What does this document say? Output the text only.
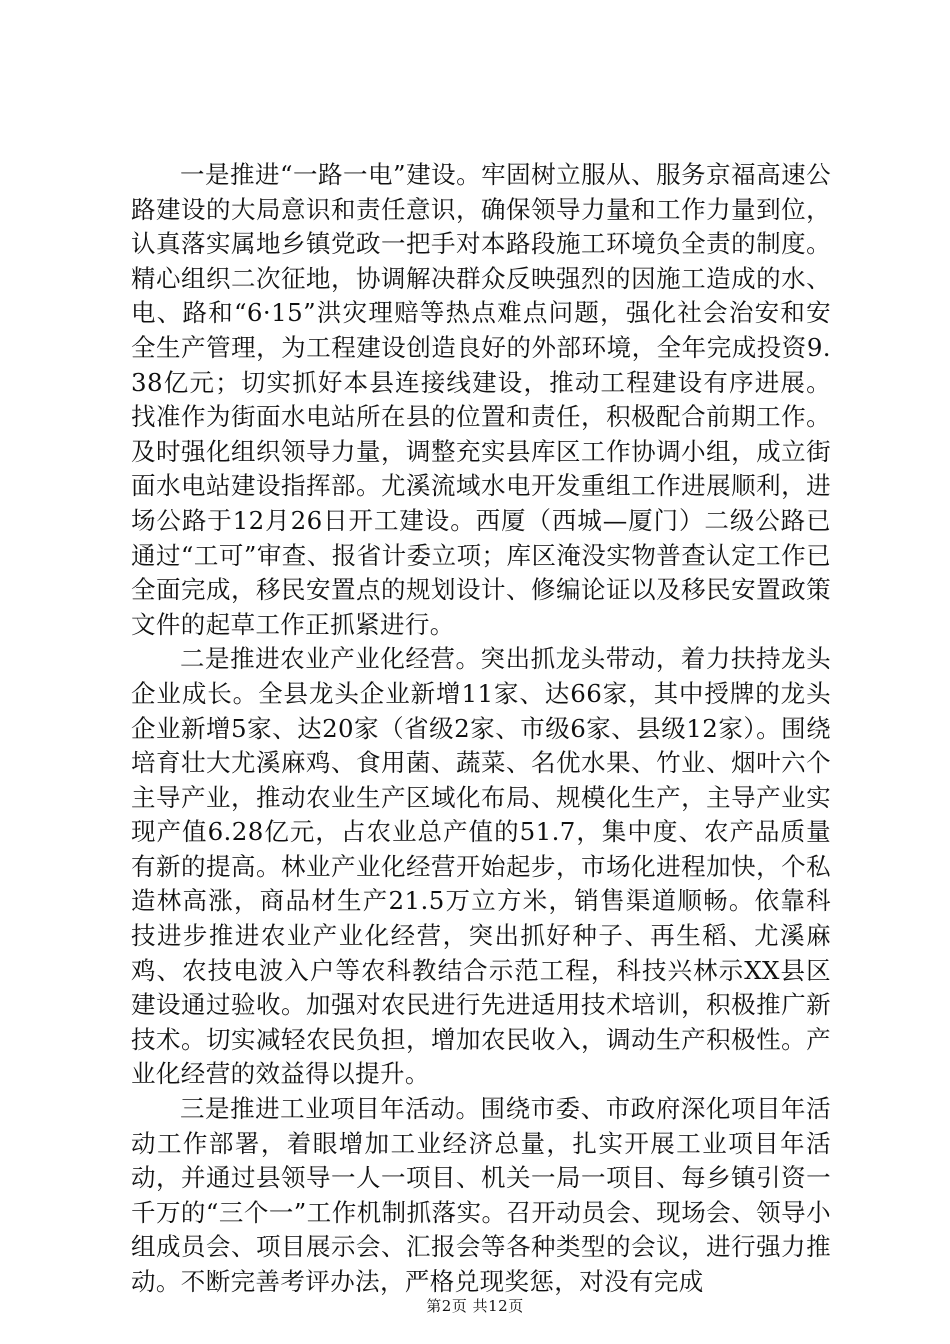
一是推进“一路一电”建设。牢固树立服从、服务京福高速公路建设的大局意识和责任意识，确保领导力量和工作力量到位，认真落实属地乡镇党政一把手对本路段施工环境负全责的制度。精心组织二次征地，协调解决群众反映强烈的因施工造成的水、电、路和“6·15”洪灾理赔等热点难点问题，强化社会治安和安全生产管理，为工程建设创造良好的外部环境，全年完成投资9.38亿元；切实抓好本县连接线建设，推动工程建设有序进展。找准作为街面水电站所在县的位置和责任，积极配合前期工作。及时强化组织领导力量，调整充实县库区工作协调小组，成立街面水电站建设指挥部。尤溪流域水电开发重组工作进展顺利，进场公路于12月26日开工建设。西厦（西城—厦门）二级公路已通过“工可”审查、报省计委立项；库区淹没实物普查认定工作已全面完成，移民安置点的规划设计、修编论证以及移民安置政策文件的起草工作正抓紧进行。

二是推进农业产业化经营。突出抓龙头带动，着力扶持龙头企业成长。全县龙头企业新增11家、达66家，其中授牌的龙头企业新增5家、达20家（省级2家、市级6家、县级12家）。围绕培育壮大尤溪麻鸡、食用菌、蔬菜、名优水果、竹业、烟叶六个主导产业，推动农业生产区域化布局、规模化生产，主导产业实现产值6.28亿元，占农业总产值的51.7，集中度、农产品质量有新的提高。林业产业化经营开始起步，市场化进程加快，个私造林高涨，商品材生产21.5万立方米，销售渠道顺畅。依靠科技进步推进农业产业化经营，突出抓好种子、再生稻、尤溪麻鸡、农技电波入户等农科教结合示范工程，科技兴林示XX县区建设通过验收。加强对农民进行先进适用技术培训，积极推广新技术。切实减轻农民负担，增加农民收入，调动生产积极性。产业化经营的效益得以提升。

三是推进工业项目年活动。围绕市委、市政府深化项目年活动工作部署，着眼增加工业经济总量，扎实开展工业项目年活动，并通过县领导一人一项目、机关一局一项目、每乡镇引资一千万的“三个一”工作机制抓落实。召开动员会、现场会、领导小组成员会、项目展示会、汇报会等各种类型的会议，进行强力推动。不断完善考评办法，严格兑现奖惩，对没有完成

第2页 共12页
